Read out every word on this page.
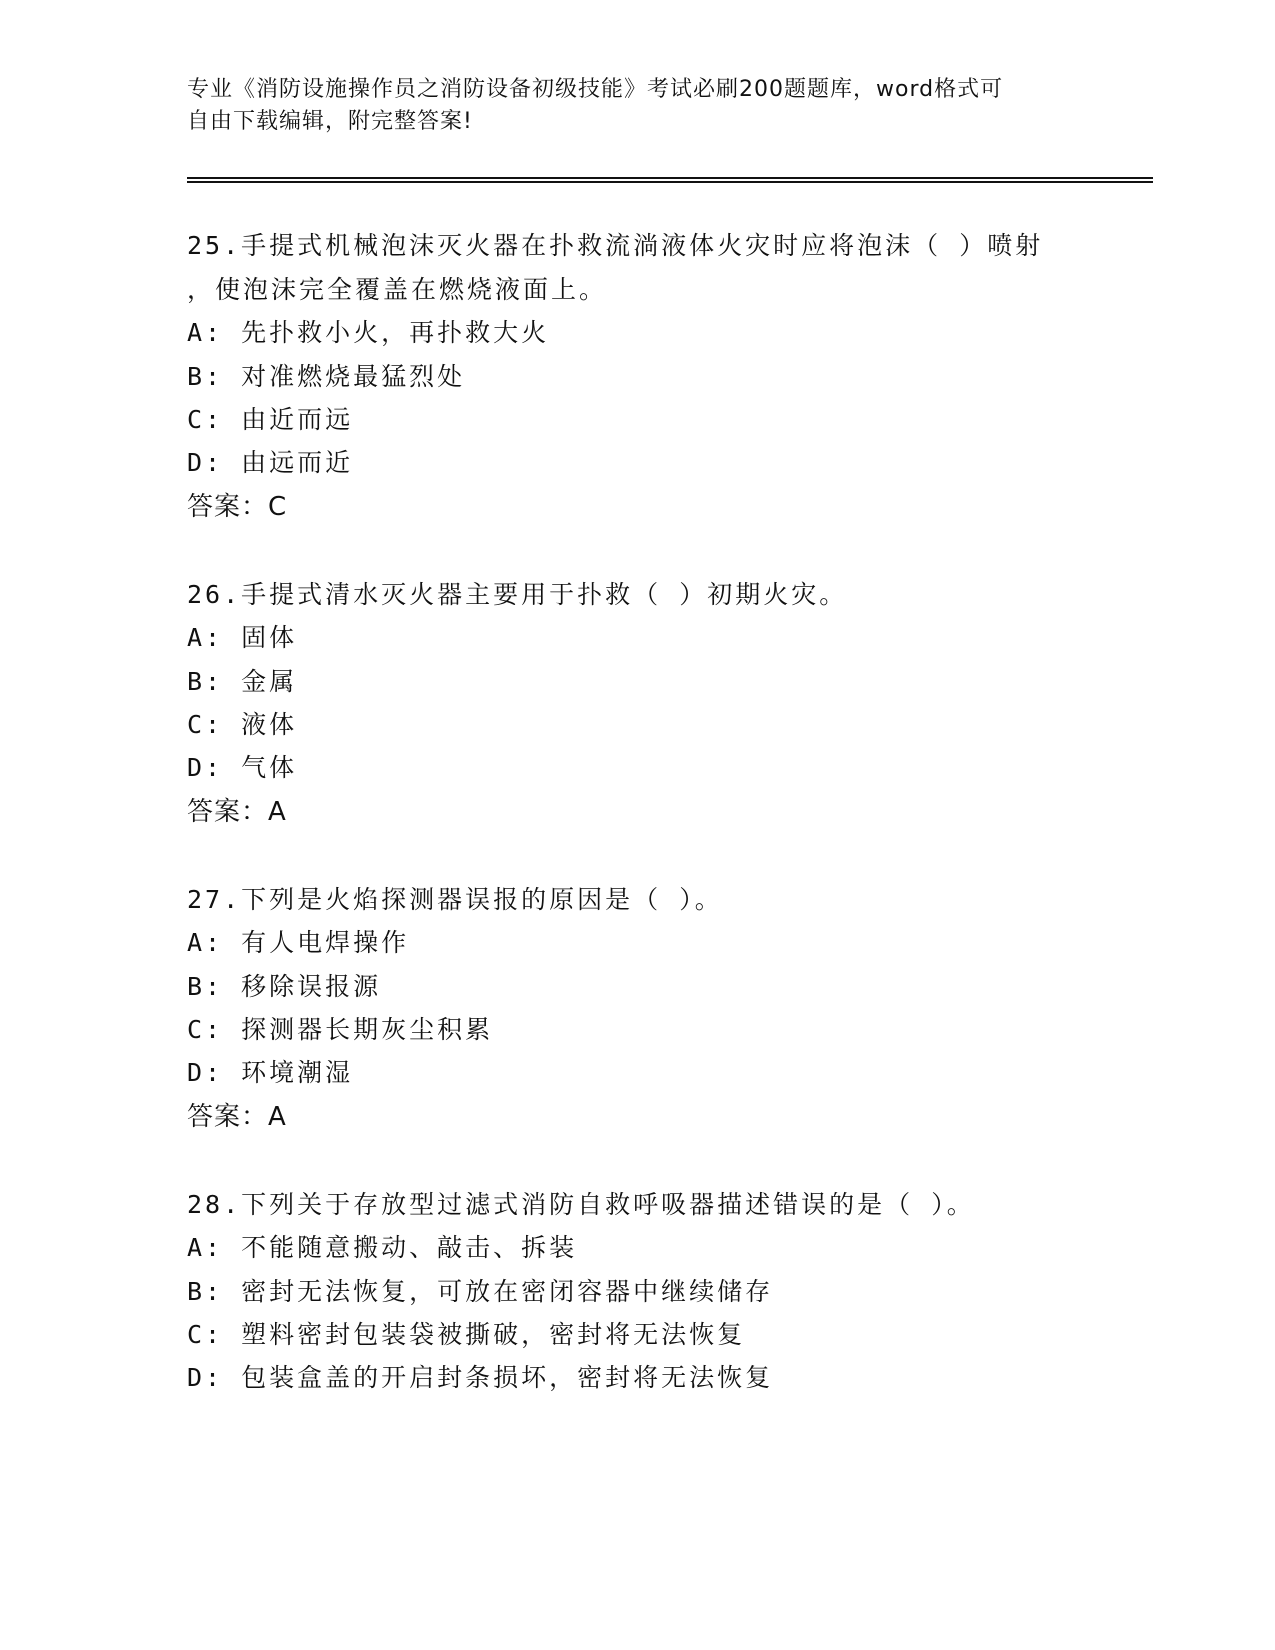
专业《消防设施操作员之消防设备初级技能》考试必刷200题题库，word格式可
自由下载编辑，附完整答案!
25.手提式机械泡沫灭火器在扑救流淌液体火灾时应将泡沫（ ）喷射
，使泡沫完全覆盖在燃烧液面上。
A: 先扑救小火，再扑救大火
B: 对准燃烧最猛烈处
C: 由近而远
D: 由远而近
答案：C
26.手提式清水灭火器主要用于扑救（ ）初期火灾。
A: 固体
B: 金属
C: 液体
D: 气体
答案：A
27.下列是火焰探测器误报的原因是（ ）。
A: 有人电焊操作
B: 移除误报源
C: 探测器长期灰尘积累
D: 环境潮湿
答案：A
28.下列关于存放型过滤式消防自救呼吸器描述错误的是（ ）。
A: 不能随意搬动、敲击、拆装
B: 密封无法恢复，可放在密闭容器中继续储存
C: 塑料密封包装袋被撕破，密封将无法恢复
D: 包装盒盖的开启封条损坏，密封将无法恢复
